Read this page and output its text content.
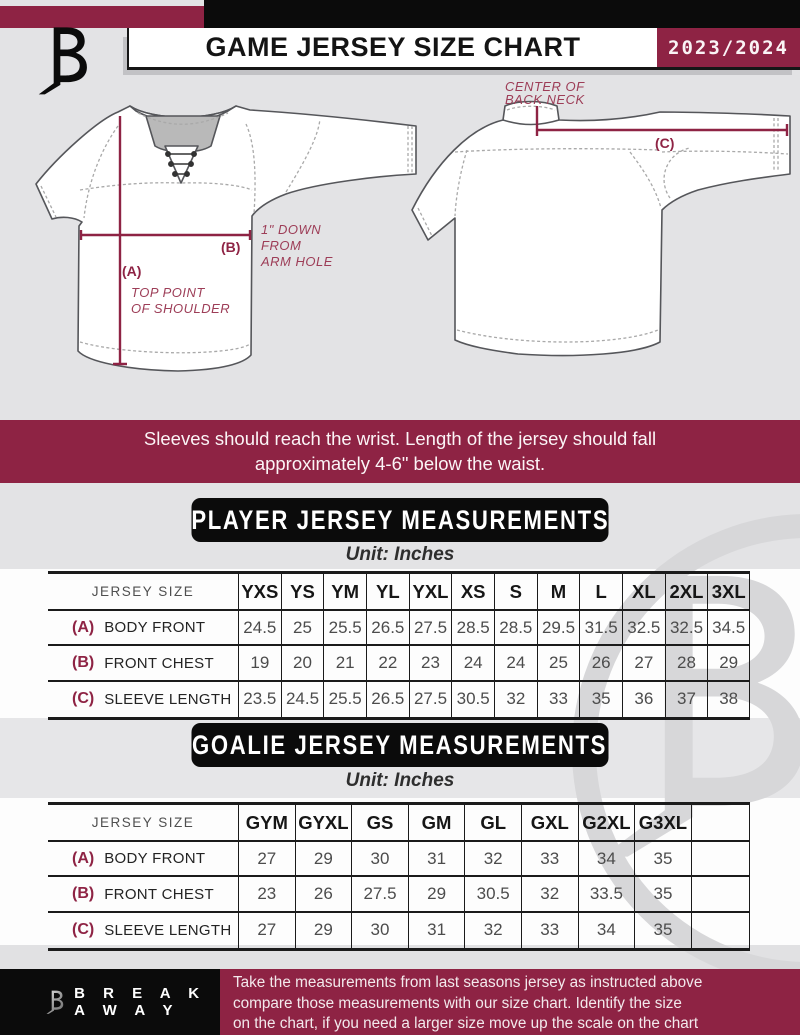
GAME JERSEY SIZE CHART	2023/2024
(A)
TOP POINT
OF SHOULDER
(B)
1" DOWN
FROM
ARM HOLE
CENTER OF
BACK NECK
(C)
Sleeves should reach the wrist. Length of the jersey should fall
approximately 4-6" below the waist.
PLAYER JERSEY MEASUREMENTS
Unit: Inches
JERSEY SIZE	YXS YS YM YL YXL XS	S	M	L	XL 2XL 3XL
(A) BODY FRONT	24.5 25 25.5 26.5 27.5 28.5 28.5 29.5 31.5 32.5 32.5 34.5
(B) FRONT CHEST	19	20	21	22	23	24	24	25	26	27	28	29
(C) SLEEVE LENGTH 23.5 24.5 25.5 26.5 27.5 30.5 32	33	35	36	37	38
GOALIE JERSEY MEASUREMENTS
Unit: Inches
JERSEY SIZE	GYM GYXL GS	GM	GL	GXL G2XL G3XL
(A) BODY FRONT	27	29	30	31	32	33	34	35
(B) FRONT CHEST	23	26	27.5	29	30.5	32	33.5	35
(C) SLEEVE LENGTH	27	29	30	31	32	33	34	35
B R E A K A W A Y
Take the measurements from last seasons jersey as instructed above
compare those measurements with our size chart. Identify the size
on the chart, if you need a larger size move up the scale on the chart
